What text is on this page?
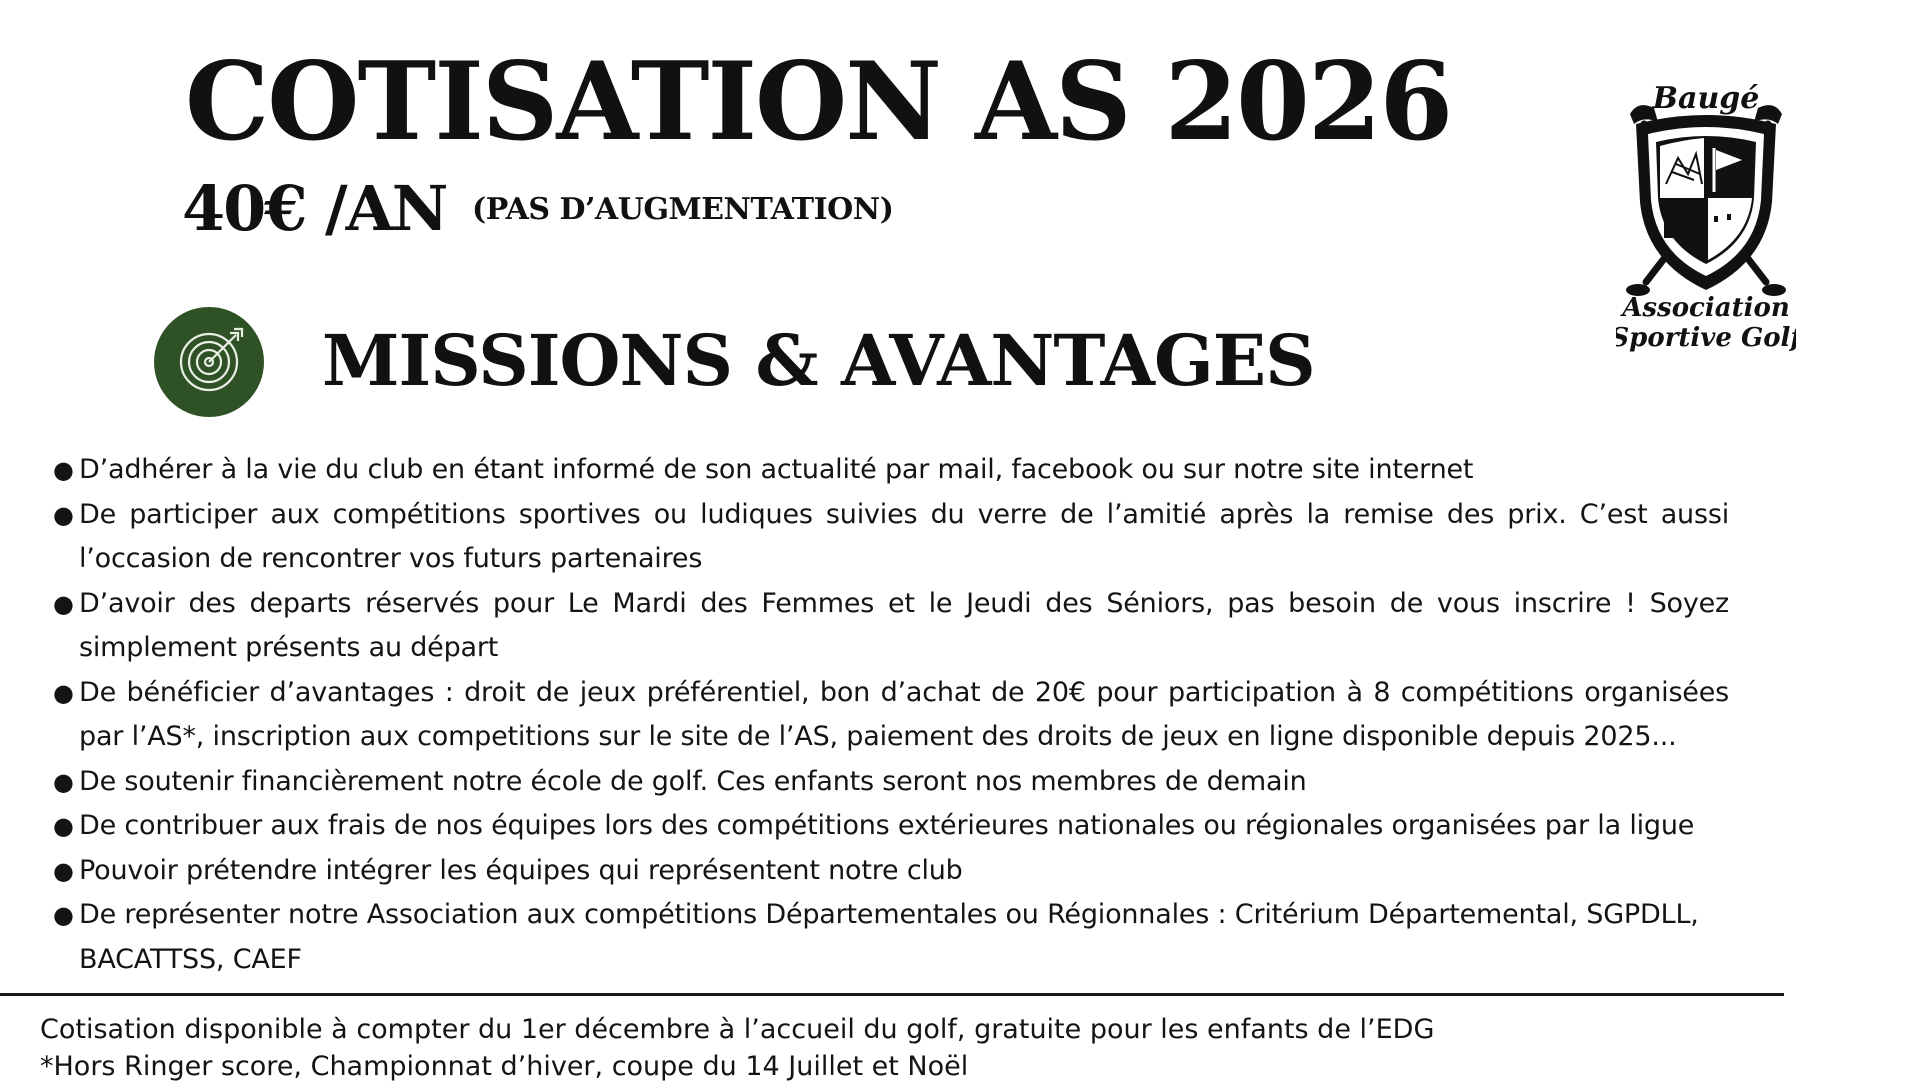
COTISATION AS 2026
40€ /AN (PAS D’AUGMENTATION)
Baugé
Association
Sportive Golf
MISSIONS & AVANTAGES
● D’adhérer à la vie du club en étant informé de son actualité par mail, facebook ou sur notre site internet
● De participer aux compétitions sportives ou ludiques suivies du verre de l’amitié après la remise des prix. C’est aussi l’occasion de rencontrer vos futurs partenaires
● D’avoir des departs réservés pour Le Mardi des Femmes et le Jeudi des Séniors, pas besoin de vous inscrire ! Soyez simplement présents au départ
● De bénéficier d’avantages : droit de jeux préférentiel, bon d’achat de 20€ pour participation à 8 compétitions organisées par l’AS*, inscription aux competitions sur le site de l’AS, paiement des droits de jeux en ligne disponible depuis 2025...
● De soutenir financièrement notre école de golf. Ces enfants seront nos membres de demain
● De contribuer aux frais de nos équipes lors des compétitions extérieures nationales ou régionales organisées par la ligue
● Pouvoir prétendre intégrer les équipes qui représentent notre club
● De représenter notre Association aux compétitions Départementales ou Régionnales : Critérium Départemental, SGPDLL, BACATTSS, CAEF
Cotisation disponible à compter du 1er décembre à l’accueil du golf, gratuite pour les enfants de l’EDG
*Hors Ringer score, Championnat d’hiver, coupe du 14 Juillet et Noël
